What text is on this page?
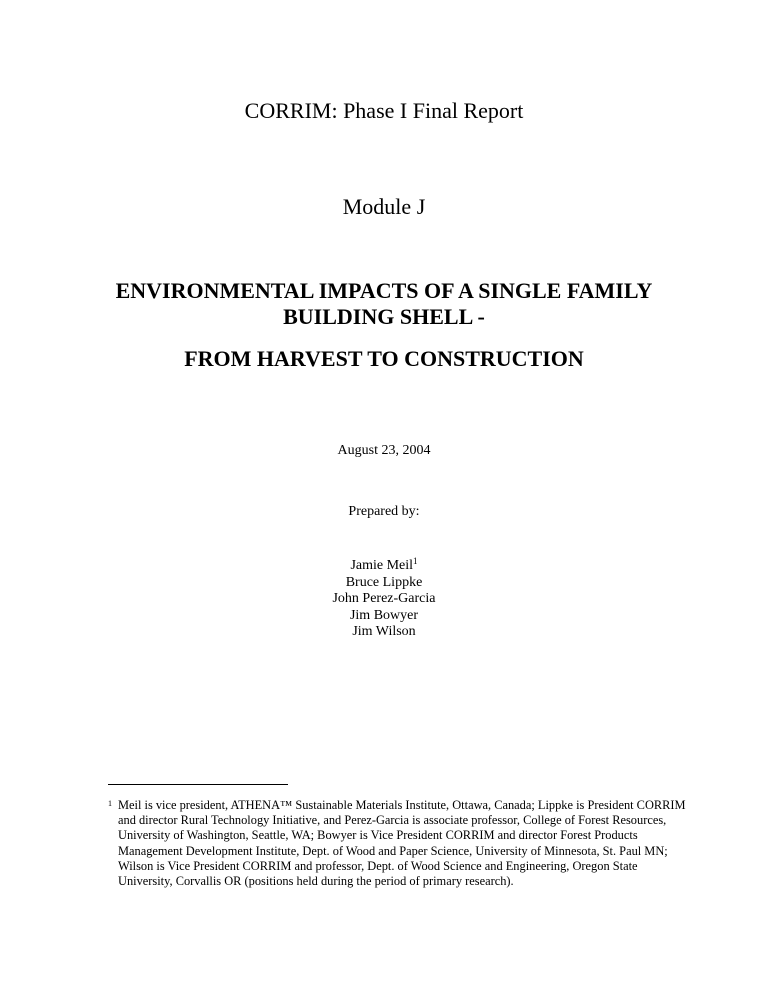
CORRIM: Phase I Final Report
Module J
ENVIRONMENTAL IMPACTS OF A SINGLE FAMILY
BUILDING SHELL -
FROM HARVEST TO CONSTRUCTION
August 23, 2004
Prepared by:
Jamie Meil$^1$
Bruce Lippke
John Perez-Garcia
Jim Bowyer
Jim Wilson
1 Meil is vice president, ATHENA™ Sustainable Materials Institute, Ottawa, Canada; Lippke is President CORRIM
and director Rural Technology Initiative, and Perez-Garcia is associate professor, College of Forest Resources,
University of Washington, Seattle, WA; Bowyer is Vice President CORRIM and director Forest Products
Management Development Institute, Dept. of Wood and Paper Science, University of Minnesota, St. Paul MN;
Wilson is Vice President CORRIM and professor, Dept. of Wood Science and Engineering, Oregon State
University, Corvallis OR (positions held during the period of primary research).
